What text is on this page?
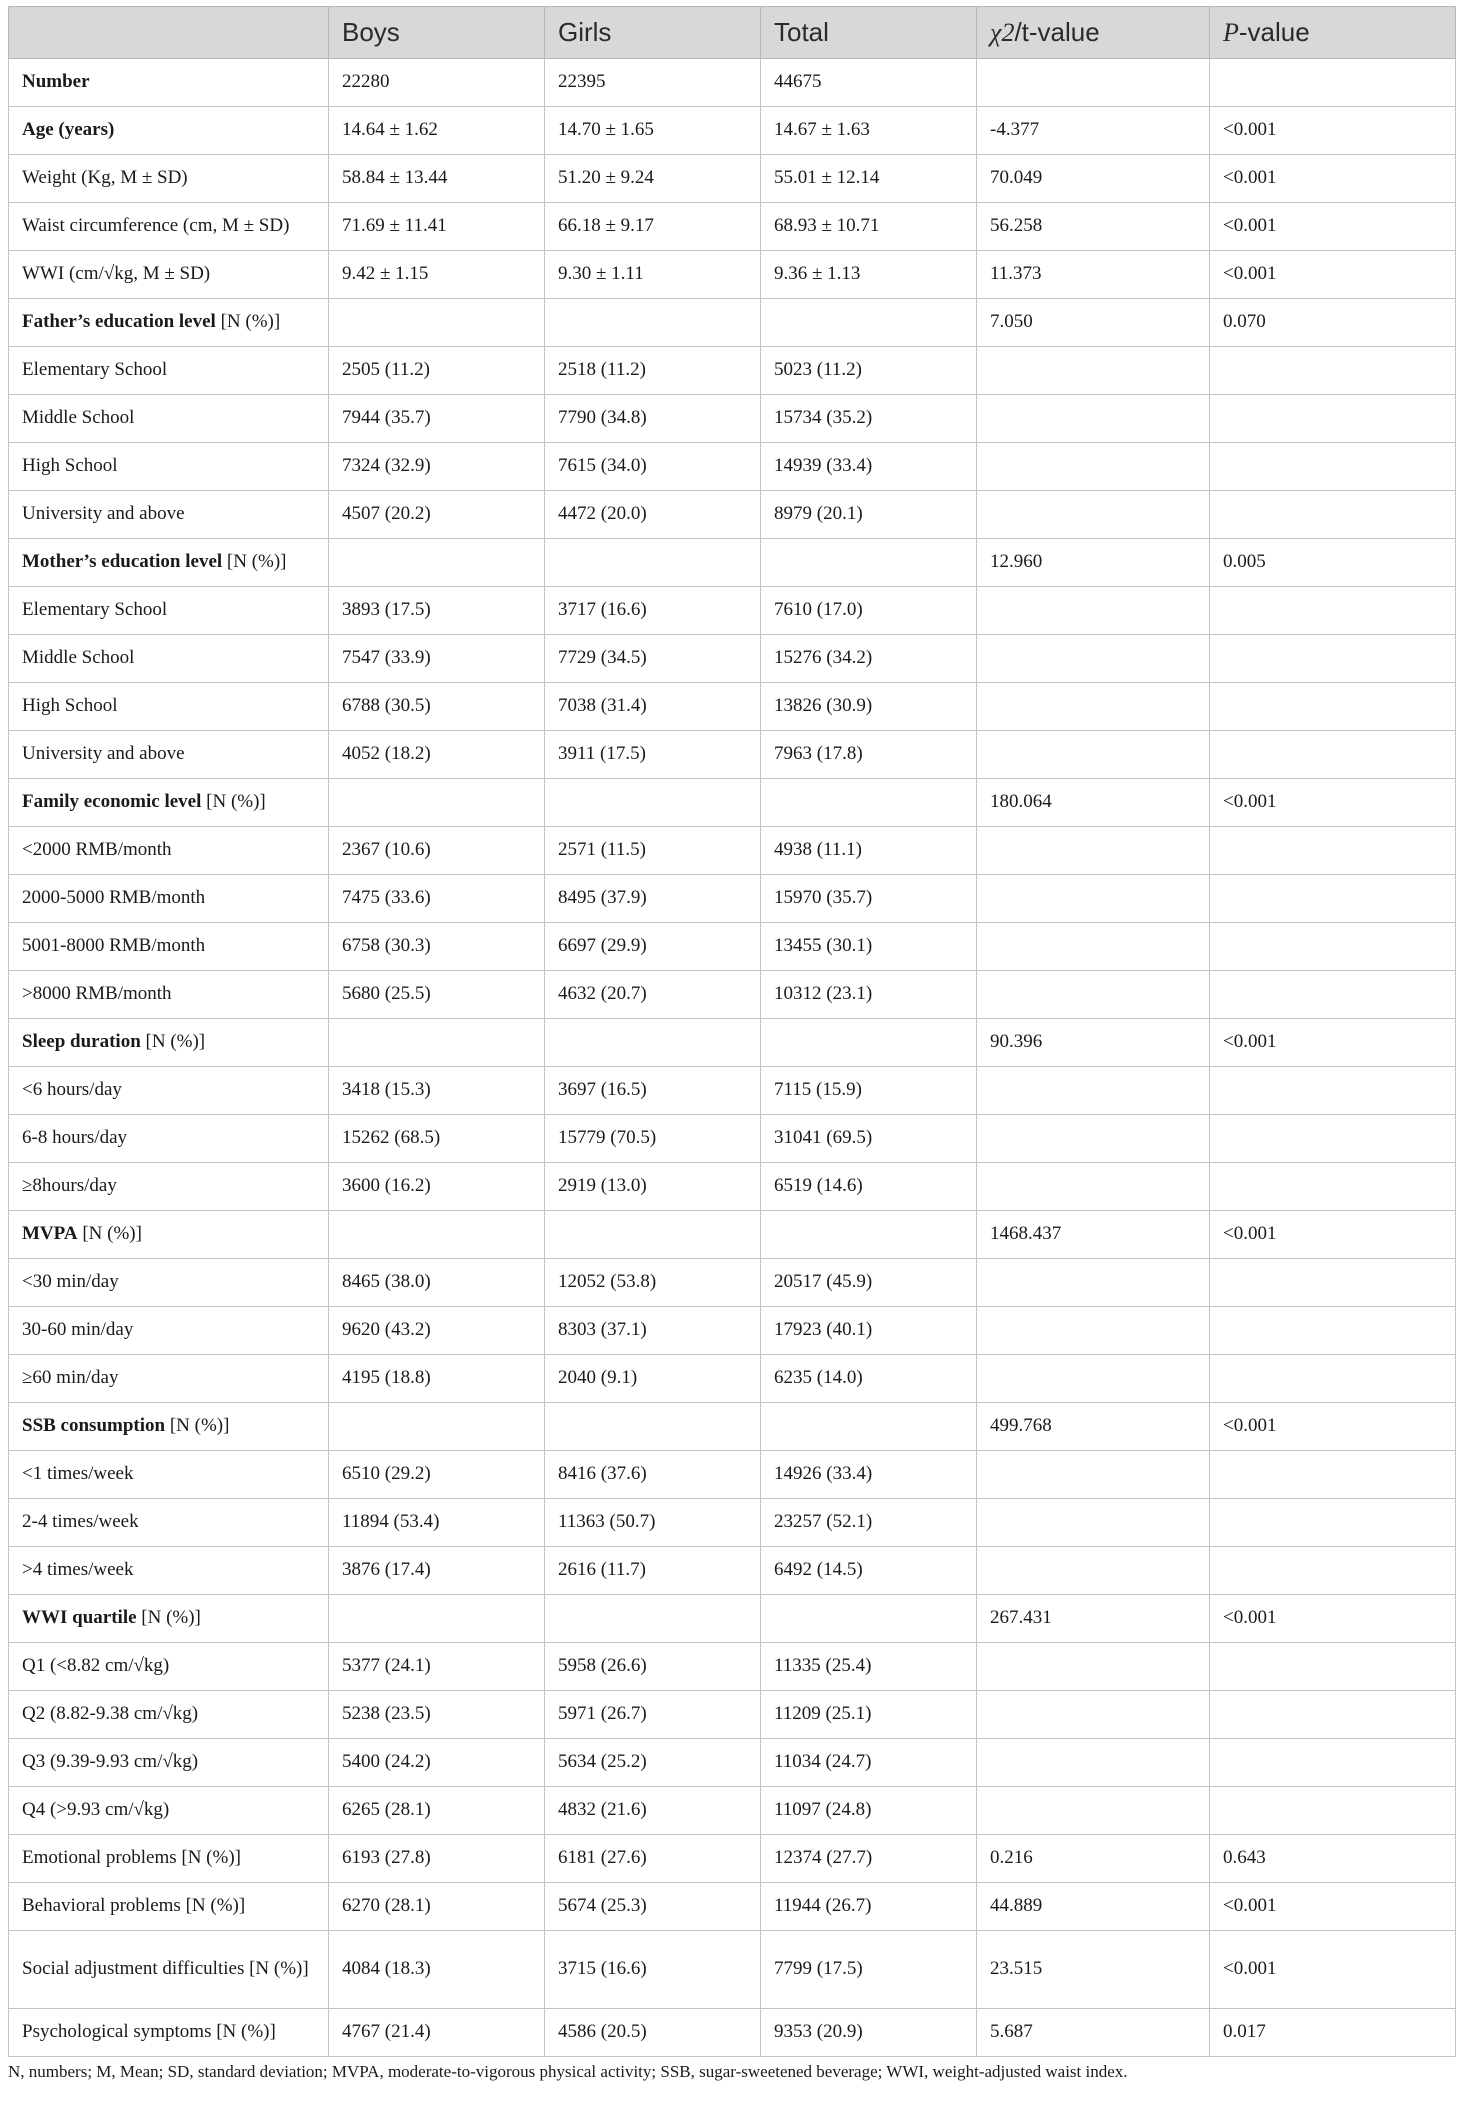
	Boys	Girls	Total	χ2/t-value	P-value
Number	22280	22395	44675		
Age (years)	14.64 ± 1.62	14.70 ± 1.65	14.67 ± 1.63	-4.377	<0.001
Weight (Kg, M ± SD)	58.84 ± 13.44	51.20 ± 9.24	55.01 ± 12.14	70.049	<0.001
Waist circumference (cm, M ± SD)	71.69 ± 11.41	66.18 ± 9.17	68.93 ± 10.71	56.258	<0.001
WWI (cm/√kg, M ± SD)	9.42 ± 1.15	9.30 ± 1.11	9.36 ± 1.13	11.373	<0.001
Father’s education level [N (%)]				7.050	0.070
Elementary School	2505 (11.2)	2518 (11.2)	5023 (11.2)		
Middle School	7944 (35.7)	7790 (34.8)	15734 (35.2)		
High School	7324 (32.9)	7615 (34.0)	14939 (33.4)		
University and above	4507 (20.2)	4472 (20.0)	8979 (20.1)		
Mother’s education level [N (%)]				12.960	0.005
Elementary School	3893 (17.5)	3717 (16.6)	7610 (17.0)		
Middle School	7547 (33.9)	7729 (34.5)	15276 (34.2)		
High School	6788 (30.5)	7038 (31.4)	13826 (30.9)		
University and above	4052 (18.2)	3911 (17.5)	7963 (17.8)		
Family economic level [N (%)]				180.064	<0.001
<2000 RMB/month	2367 (10.6)	2571 (11.5)	4938 (11.1)		
2000-5000 RMB/month	7475 (33.6)	8495 (37.9)	15970 (35.7)		
5001-8000 RMB/month	6758 (30.3)	6697 (29.9)	13455 (30.1)		
>8000 RMB/month	5680 (25.5)	4632 (20.7)	10312 (23.1)		
Sleep duration [N (%)]				90.396	<0.001
<6 hours/day	3418 (15.3)	3697 (16.5)	7115 (15.9)		
6-8 hours/day	15262 (68.5)	15779 (70.5)	31041 (69.5)		
≥8hours/day	3600 (16.2)	2919 (13.0)	6519 (14.6)		
MVPA [N (%)]				1468.437	<0.001
<30 min/day	8465 (38.0)	12052 (53.8)	20517 (45.9)		
30-60 min/day	9620 (43.2)	8303 (37.1)	17923 (40.1)		
≥60 min/day	4195 (18.8)	2040 (9.1)	6235 (14.0)		
SSB consumption [N (%)]				499.768	<0.001
<1 times/week	6510 (29.2)	8416 (37.6)	14926 (33.4)		
2-4 times/week	11894 (53.4)	11363 (50.7)	23257 (52.1)		
>4 times/week	3876 (17.4)	2616 (11.7)	6492 (14.5)		
WWI quartile [N (%)]				267.431	<0.001
Q1 (<8.82 cm/√kg)	5377 (24.1)	5958 (26.6)	11335 (25.4)		
Q2 (8.82-9.38 cm/√kg)	5238 (23.5)	5971 (26.7)	11209 (25.1)		
Q3 (9.39-9.93 cm/√kg)	5400 (24.2)	5634 (25.2)	11034 (24.7)		
Q4 (>9.93 cm/√kg)	6265 (28.1)	4832 (21.6)	11097 (24.8)		
Emotional problems [N (%)]	6193 (27.8)	6181 (27.6)	12374 (27.7)	0.216	0.643
Behavioral problems [N (%)]	6270 (28.1)	5674 (25.3)	11944 (26.7)	44.889	<0.001
Social adjustment difficulties [N (%)]	4084 (18.3)	3715 (16.6)	7799 (17.5)	23.515	<0.001
Psychological symptoms [N (%)]	4767 (21.4)	4586 (20.5)	9353 (20.9)	5.687	0.017
N, numbers; M, Mean; SD, standard deviation; MVPA, moderate-to-vigorous physical activity; SSB, sugar-sweetened beverage; WWI, weight-adjusted waist index.
